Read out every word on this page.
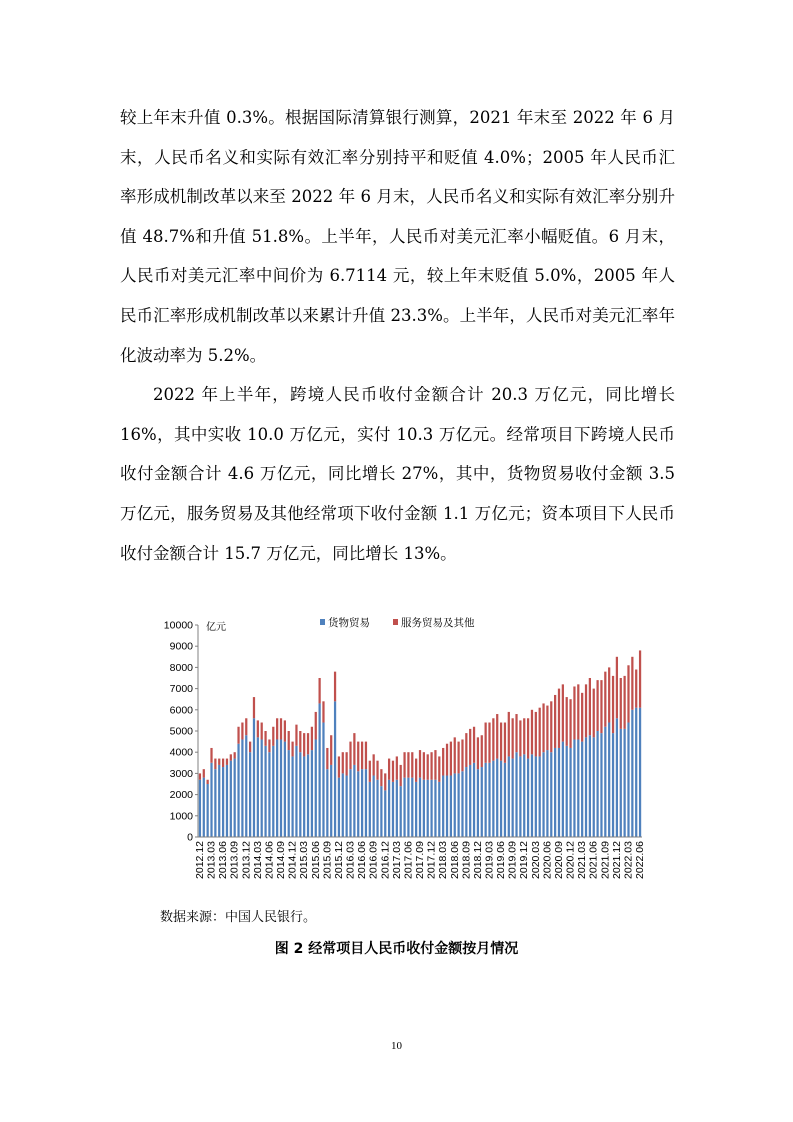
较上年末升值 0.3%。根据国际清算银行测算，2021 年末至 2022 年 6 月末，人民币名义和实际有效汇率分别持平和贬值 4.0%；2005 年人民币汇率形成机制改革以来至 2022 年 6 月末，人民币名义和实际有效汇率分别升值 48.7%和升值 51.8%。上半年，人民币对美元汇率小幅贬值。6 月末，人民币对美元汇率中间价为 6.7114 元，较上年末贬值 5.0%，2005 年人民币汇率形成机制改革以来累计升值 23.3%。上半年，人民币对美元汇率年化波动率为 5.2%。

2022 年上半年，跨境人民币收付金额合计 20.3 万亿元，同比增长 16%，其中实收 10.0 万亿元，实付 10.3 万亿元。经常项目下跨境人民币收付金额合计 4.6 万亿元，同比增长 27%，其中，货物贸易收付金额 3.5 万亿元，服务贸易及其他经常项下收付金额 1.1 万亿元；资本项目下人民币收付金额合计 15.7 万亿元，同比增长 13%。

0
1000
2000
3000
4000
5000
6000
7000
8000
9000
10000
2012.12 2013.03 2013.06 2013.09 2013.12 2014.03 2014.06 2014.09 2014.12 2015.03 2015.06 2015.09 2015.12 2016.03 2016.06 2016.09 2016.12 2017.03 2017.06 2017.09 2017.12 2018.03 2018.06 2018.09 2018.12 2019.03 2019.06 2019.09 2019.12 2020.03 2020.06 2020.09 2020.12 2021.03 2021.06 2021.09 2021.12 2022.03 2022.06
亿元	货物贸易	服务贸易及其他
数据来源：中国人民银行。
图 2 经常项目人民币收付金额按月情况
10
